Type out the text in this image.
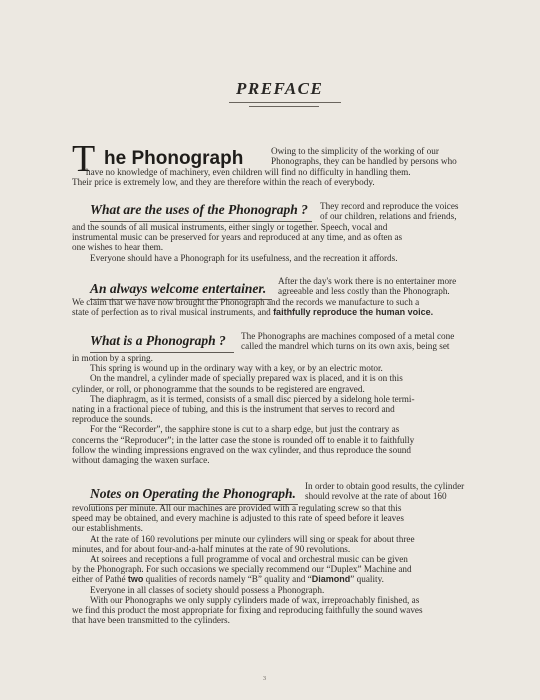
PREFACE
T he Phonograph	Owing to the simplicity of the working of our
Phonographs, they can be handled by persons who
have no knowledge of machinery, even children will find no difficulty in handling them.
Their price is extremely low, and they are therefore within the reach of everybody.
What are the uses of the Phonograph ? They record and reproduce the voices
of our children, relations and friends,
and the sounds of all musical instruments, either singly or together. Speech, vocal and
instrumental music can be preserved for years and reproduced at any time, and as often as
one wishes to hear them.
Everyone should have a Phonograph for its usefulness, and the recreation it affords.
An always welcome entertainer. After the day's work there is no entertainer more
agreeable and less costly than the Phonograph.
We claim that we have now brought the Phonograph and the records we manufacture to such a
state of perfection as to rival musical instruments, and faithfully reproduce the human voice.
What is a Phonograph ? The Phonographs are machines composed of a metal cone
called the mandrel which turns on its own axis, being set
in motion by a spring.
This spring is wound up in the ordinary way with a key, or by an electric motor.
On the mandrel, a cylinder made of specially prepared wax is placed, and it is on this
cylinder, or roll, or phonogramme that the sounds to be registered are engraved.
The diaphragm, as it is termed, consists of a small disc pierced by a sidelong hole termi-
nating in a fractional piece of tubing, and this is the instrument that serves to record and
reproduce the sounds.
For the “Recorder”, the sapphire stone is cut to a sharp edge, but just the contrary as
concerns the “Reproducer”; in the latter case the stone is rounded off to enable it to faithfully
follow the winding impressions engraved on the wax cylinder, and thus reproduce the sound
without damaging the waxen surface.
Notes on Operating the Phonograph. In order to obtain good results, the cylinder
should revolve at the rate of about 160
revolutions per minute. All our machines are provided with a regulating screw so that this
speed may be obtained, and every machine is adjusted to this rate of speed before it leaves
our establishments.
At the rate of 160 revolutions per minute our cylinders will sing or speak for about three
minutes, and for about four-and-a-half minutes at the rate of 90 revolutions.
At soirees and receptions a full programme of vocal and orchestral music can be given
by the Phonograph. For such occasions we specially recommend our “Duplex” Machine and
either of Pathé two qualities of records namely “B” quality and “Diamond” quality.
Everyone in all classes of society should possess a Phonograph.
With our Phonographs we only supply cylinders made of wax, irreproachably finished, as
we find this product the most appropriate for fixing and reproducing faithfully the sound waves
that have been transmitted to the cylinders.
3
